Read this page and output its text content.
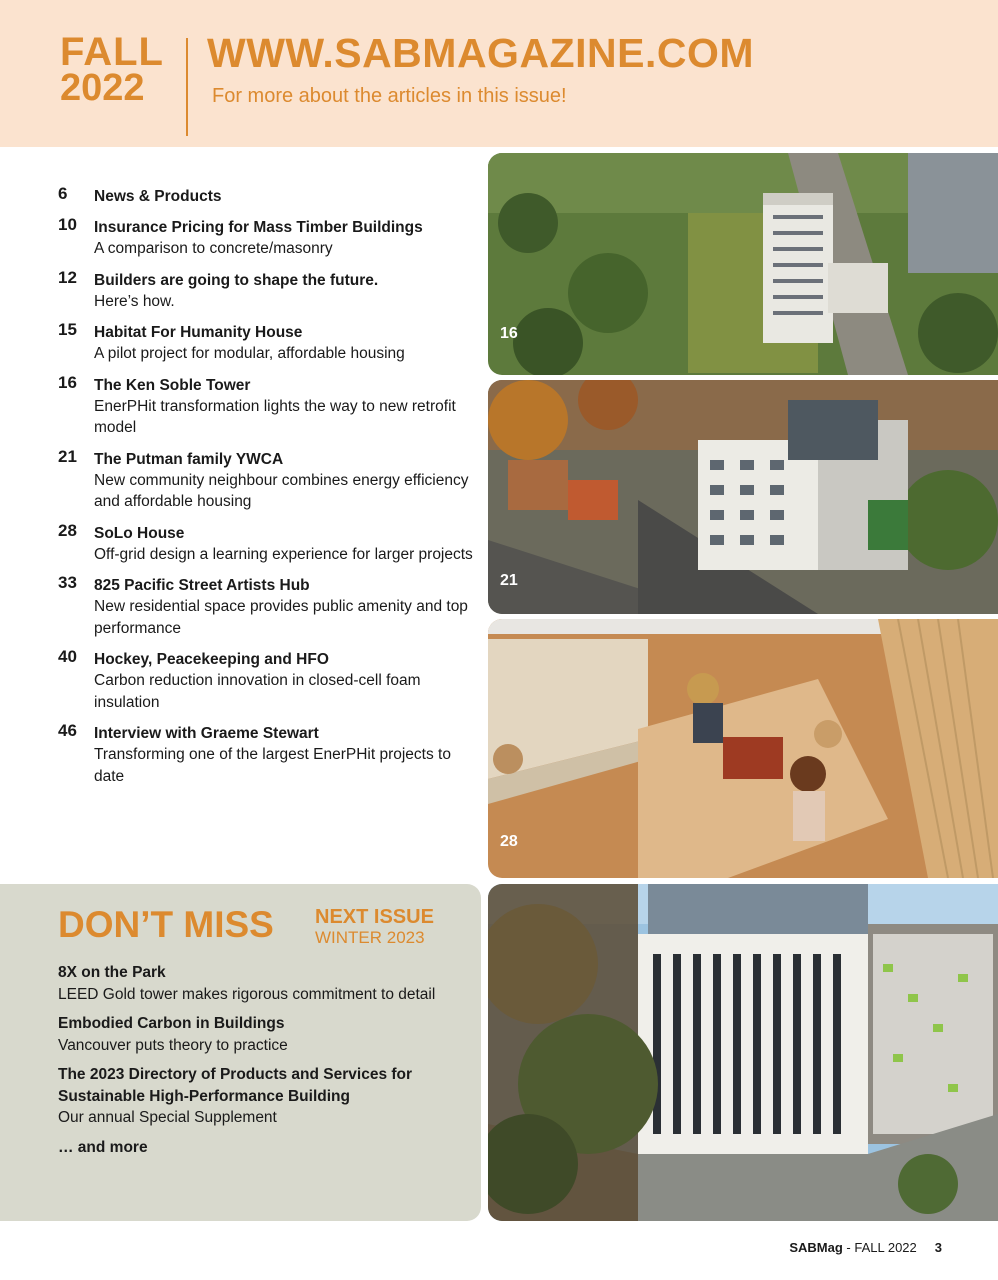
FALL
2022
WWW.SABMAGAZINE.COM
For more about the articles in this issue!
6	News & Products
10	Insurance Pricing for Mass Timber Buildings
A comparison to concrete/masonry
12	Builders are going to shape the future.
Here’s how.
15	Habitat For Humanity House
A pilot project for modular, affordable housing
16	The Ken Soble Tower
EnerPHit transformation lights the way to new retrofit model
21	The Putman family YWCA
New community neighbour combines energy efficiency and affordable housing
28	SoLo House
Off-grid design a learning experience for larger projects
33	825 Pacific Street Artists Hub
New residential space provides public amenity and top performance
40	Hockey, Peacekeeping and HFO
Carbon reduction innovation in closed-cell foam insulation
46	Interview with Graeme Stewart
Transforming one of the largest EnerPHit projects to date
16
21
28
DON’T MISS NEXT ISSUE
WINTER 2023
8X on the Park
LEED Gold tower makes rigorous commitment to detail
Embodied Carbon in Buildings
Vancouver puts theory to practice
The 2023 Directory of Products and Services for Sustainable High-Performance Building
Our annual Special Supplement
… and more
SABMag - FALL 2022 3
